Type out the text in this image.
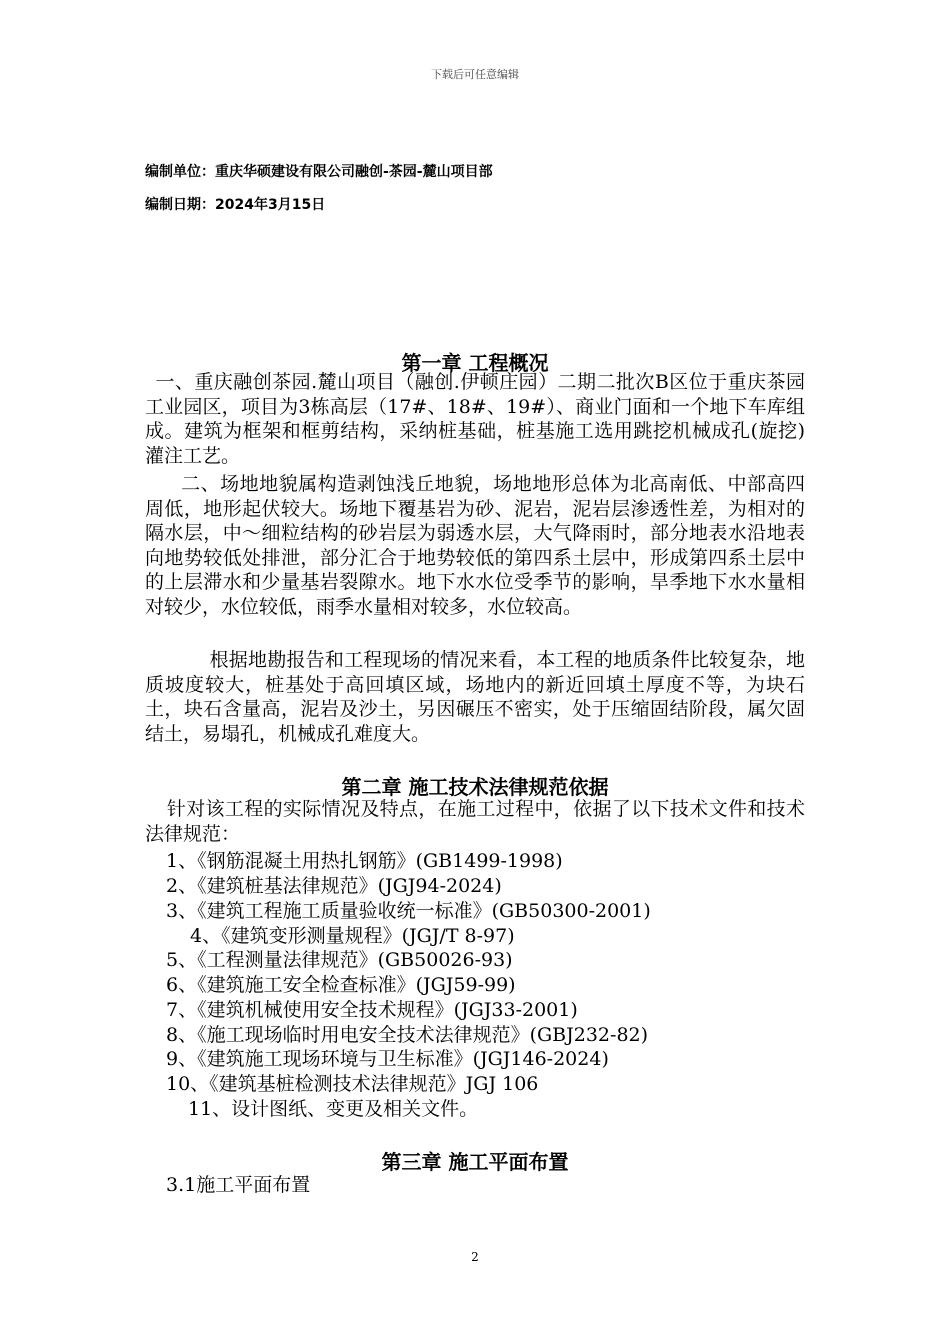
下载后可任意编辑
编制单位：重庆华硕建设有限公司融创-茶园-麓山项目部
编制日期：2024年3月15日
第一章 工程概况

一、重庆融创茶园.麓山项目（融创.伊顿庄园）二期二批次B区位于重庆茶园工业园区，项目为3栋高层（17#、18#、19#）、商业门面和一个地下车库组成。建筑为框架和框剪结构，采纳桩基础，桩基施工选用跳挖机械成孔(旋挖)灌注工艺。

二、场地地貌属构造剥蚀浅丘地貌，场地地形总体为北高南低、中部高四周低，地形起伏较大。场地下覆基岩为砂、泥岩，泥岩层渗透性差，为相对的隔水层，中～细粒结构的砂岩层为弱透水层，大气降雨时，部分地表水沿地表向地势较低处排泄，部分汇合于地势较低的第四系土层中，形成第四系土层中的上层滞水和少量基岩裂隙水。地下水水位受季节的影响，旱季地下水水量相对较少，水位较低，雨季水量相对较多，水位较高。

根据地勘报告和工程现场的情况来看，本工程的地质条件比较复杂，地质坡度较大，桩基处于高回填区域，场地内的新近回填土厚度不等，为块石土，块石含量高，泥岩及沙土，另因碾压不密实，处于压缩固结阶段，属欠固结土，易塌孔，机械成孔难度大。

第二章 施工技术法律规范依据

针对该工程的实际情况及特点，在施工过程中，依据了以下技术文件和技术法律规范：

1、《钢筋混凝土用热扎钢筋》(GB1499-1998)
2、《建筑桩基法律规范》(JGJ94-2024)
3、《建筑工程施工质量验收统一标准》(GB50300-2001)
4、《建筑变形测量规程》(JGJ/T 8-97)
5、《工程测量法律规范》(GB50026-93)
6、《建筑施工安全检查标准》(JGJ59-99)
7、《建筑机械使用安全技术规程》(JGJ33-2001)
8、《施工现场临时用电安全技术法律规范》(GBJ232-82)
9、《建筑施工现场环境与卫生标准》(JGJ146-2024)
10、《建筑基桩检测技术法律规范》JGJ 106
11、设计图纸、变更及相关文件。
第三章 施工平面布置
3.1施工平面布置
2
